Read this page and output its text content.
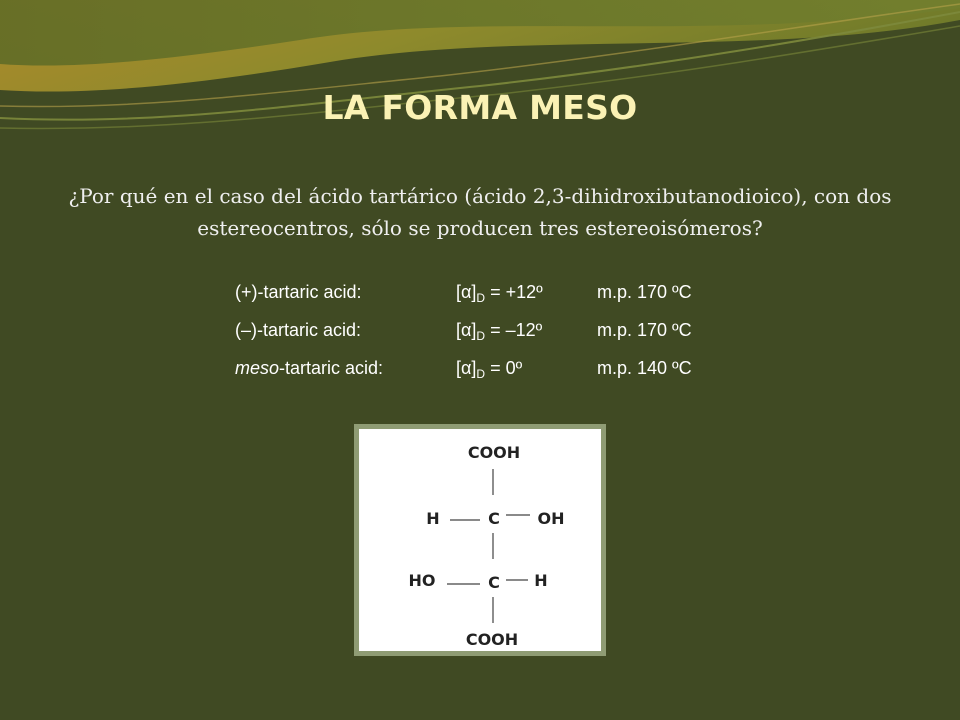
LA FORMA MESO
¿Por qué en el caso del ácido tartárico (ácido 2,3-dihidroxibutanodioico), con dos estereocentros, sólo se producen tres estereoisómeros?
(+)-tartaric acid:	$[\alpha]_D$ = +12º	m.p. 170 ºC
(–)-tartaric acid:	$[\alpha]_D$ = –12º	m.p. 170 ºC
meso-tartaric acid:	$[\alpha]_D$ = 0º	m.p. 140 ºC
COOH
H	C OH
HO	C H
COOH
